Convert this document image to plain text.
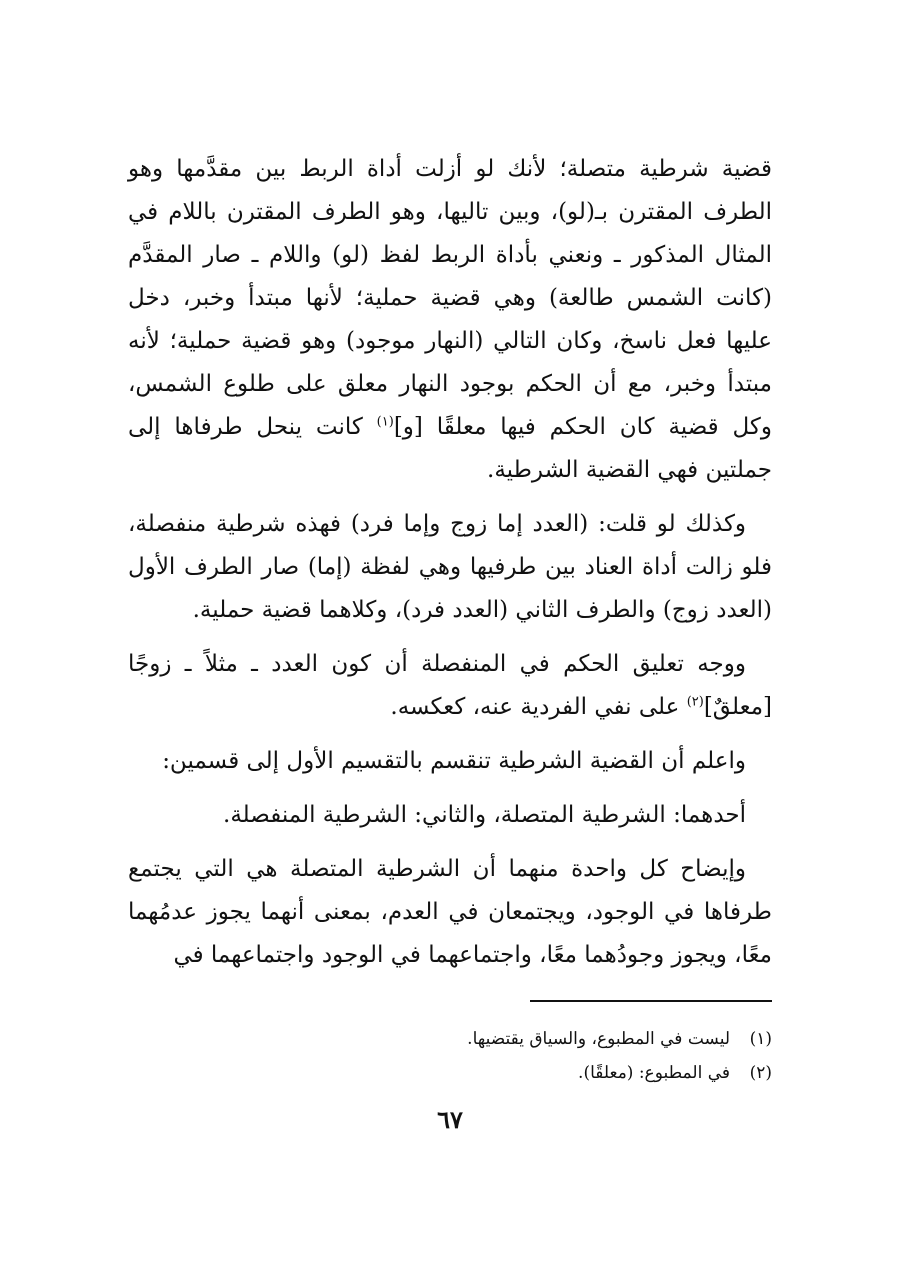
قضية شرطية متصلة؛ لأنك لو أزلت أداة الربط بين مقدَّمها وهو الطرف المقترن بـ(لو)، وبين تاليها، وهو الطرف المقترن باللام في المثال المذكور ـ ونعني بأداة الربط لفظ (لو) واللام ـ صار المقدَّم (كانت الشمس طالعة) وهي قضية حملية؛ لأنها مبتدأ وخبر، دخل عليها فعل ناسخ، وكان التالي (النهار موجود) وهو قضية حملية؛ لأنه مبتدأ وخبر، مع أن الحكم بوجود النهار معلق على طلوع الشمس، وكل قضية كان الحكم فيها معلقًا [و]$^{(١)}$ كانت ينحل طرفاها إلى جملتين فهي القضية الشرطية.

وكذلك لو قلت: (العدد إما زوج وإما فرد) فهذه شرطية منفصلة، فلو زالت أداة العناد بين طرفيها وهي لفظة (إما) صار الطرف الأول (العدد زوج) والطرف الثاني (العدد فرد)، وكلاهما قضية حملية.

ووجه تعليق الحكم في المنفصلة أن كون العدد ـ مثلاً ـ زوجًا [معلقٌ]$^{(٢)}$ على نفي الفردية عنه، كعكسه.

واعلم أن القضية الشرطية تنقسم بالتقسيم الأول إلى قسمين:

أحدهما: الشرطية المتصلة، والثاني: الشرطية المنفصلة.

وإيضاح كل واحدة منهما أن الشرطية المتصلة هي التي يجتمع طرفاها في الوجود، ويجتمعان في العدم، بمعنى أنهما يجوز عدمُهما معًا، ويجوز وجودُهما معًا، واجتماعهما في الوجود واجتماعهما في

(١)
ليست في المطبوع، والسياق يقتضيها.
(٢)
في المطبوع: (معلقًا).
٦٧
